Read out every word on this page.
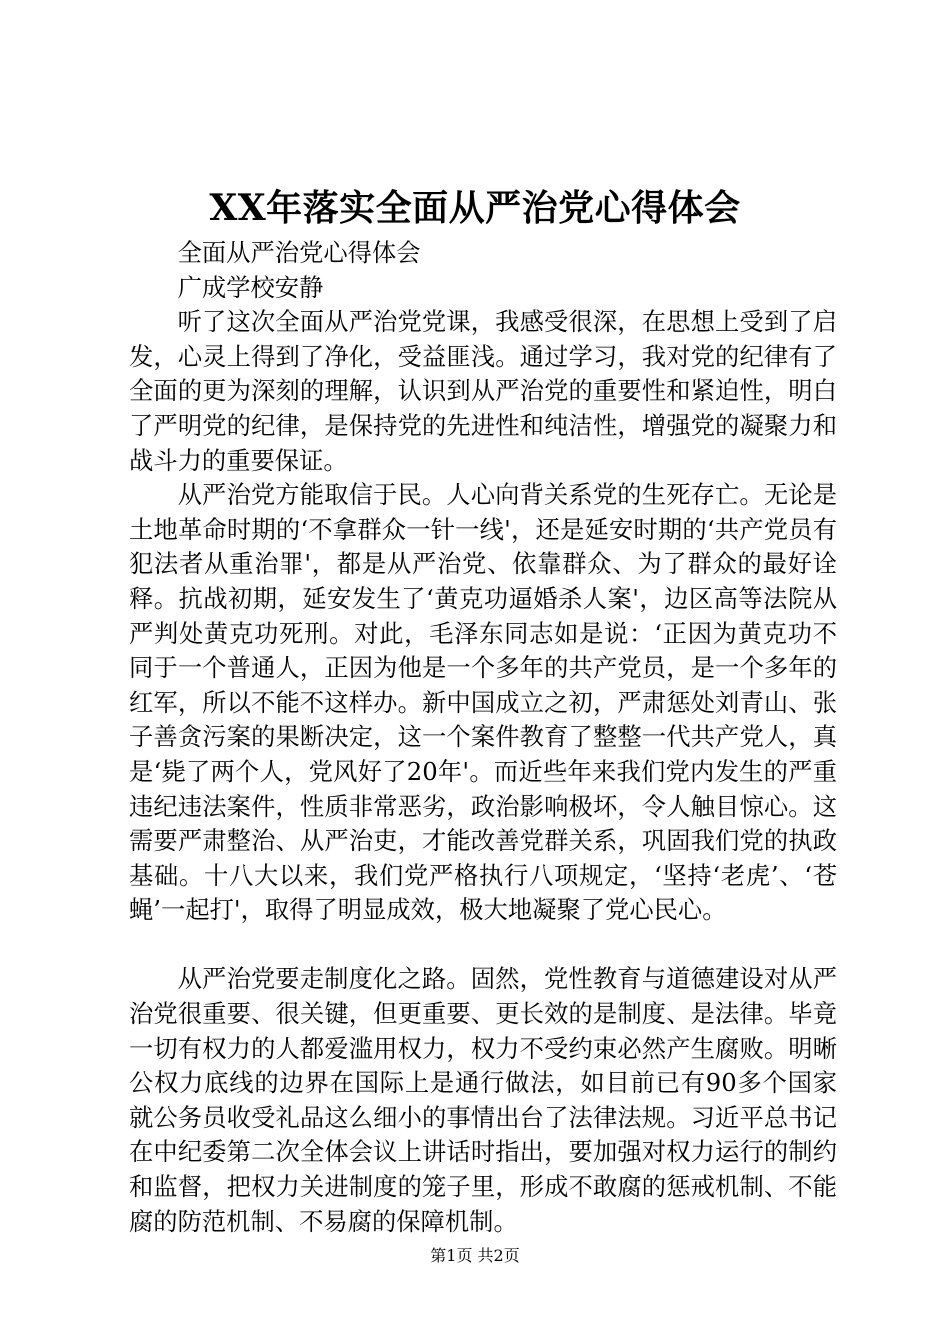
XX年落实全面从严治党心得体会

全面从严治党心得体会

广成学校安静

听了这次全面从严治党党课，我感受很深，在思想上受到了启发，心灵上得到了净化，受益匪浅。通过学习，我对党的纪律有了全面的更为深刻的理解，认识到从严治党的重要性和紧迫性，明白了严明党的纪律，是保持党的先进性和纯洁性，增强党的凝聚力和战斗力的重要保证。

从严治党方能取信于民。人心向背关系党的生死存亡。无论是土地革命时期的‘不拿群众一针一线'，还是延安时期的‘共产党员有犯法者从重治罪'，都是从严治党、依靠群众、为了群众的最好诠释。抗战初期，延安发生了‘黄克功逼婚杀人案'，边区高等法院从严判处黄克功死刑。对此，毛泽东同志如是说：‘正因为黄克功不同于一个普通人，正因为他是一个多年的共产党员，是一个多年的红军，所以不能不这样办。新中国成立之初，严肃惩处刘青山、张子善贪污案的果断决定，这一个案件教育了整整一代共产党人，真是‘毙了两个人，党风好了20年'。而近些年来我们党内发生的严重违纪违法案件，性质非常恶劣，政治影响极坏，令人触目惊心。这需要严肃整治、从严治吏，才能改善党群关系，巩固我们党的执政基础。十八大以来，我们党严格执行八项规定，‘坚持‘老虎’、‘苍蝇’一起打'，取得了明显成效，极大地凝聚了党心民心。

从严治党要走制度化之路。固然，党性教育与道德建设对从严治党很重要、很关键，但更重要、更长效的是制度、是法律。毕竟一切有权力的人都爱滥用权力，权力不受约束必然产生腐败。明晰公权力底线的边界在国际上是通行做法，如目前已有90多个国家就公务员收受礼品这么细小的事情出台了法律法规。习近平总书记在中纪委第二次全体会议上讲话时指出，要加强对权力运行的制约和监督，把权力关进制度的笼子里，形成不敢腐的惩戒机制、不能腐的防范机制、不易腐的保障机制。

第1页 共2页
